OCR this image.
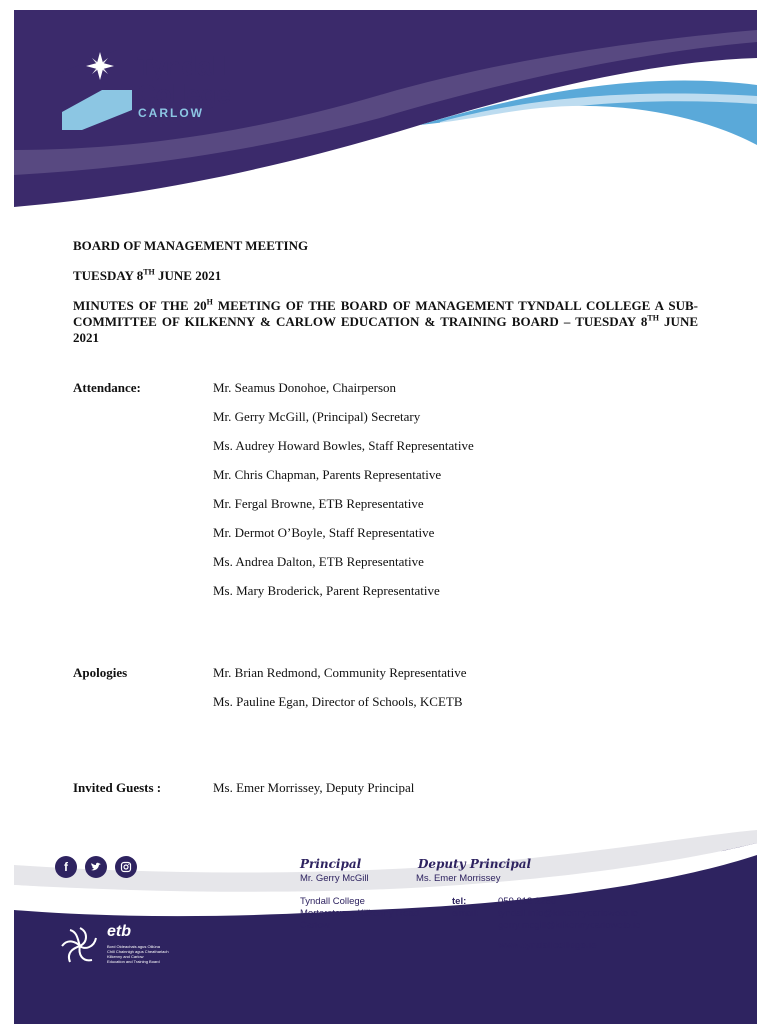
Tyndall
College
CARLOW
BOARD OF MANAGEMENT MEETING
TUESDAY 8TH JUNE 2021
MINUTES OF THE $20^H$ MEETING OF THE BOARD OF MANAGEMENT TYNDALL COLLEGE A SUB-COMMITTEE OF KILKENNY & CARLOW EDUCATION & TRAINING BOARD – TUESDAY 8TH JUNE 2021
Attendance:	Mr. Seamus Donohoe, Chairperson
Mr. Gerry McGill, (Principal) Secretary
Ms. Audrey Howard Bowles, Staff Representative
Mr. Chris Chapman, Parents Representative
Mr. Fergal Browne, ETB Representative
Mr. Dermot O’Boyle, Staff Representative
Ms. Andrea Dalton, ETB Representative
Ms. Mary Broderick, Parent Representative
Apologies	Mr. Brian Redmond, Community Representative
Ms. Pauline Egan, Director of Schools, KCETB
Invited Guests :	Ms. Emer Morrissey, Deputy Principal
f
etb
Bord Oideachais agus Oiliúna
Chill Chainnigh agus Cheatharlach
Kilkenny and Carlow
Education and Training Board
Principal
Mr. Gerry McGill
Deputy Principal
Ms. Emer Morrissey
Tyndall College
Mortarstown, Kilkenny Road,
Carlow.
tel:
email:
059 918 2250
tyndall.info@kilkennycarlowetb.ie
gerry.mcgill@kilkennycarlowetb.ie
www.tyndallcollege.ie
